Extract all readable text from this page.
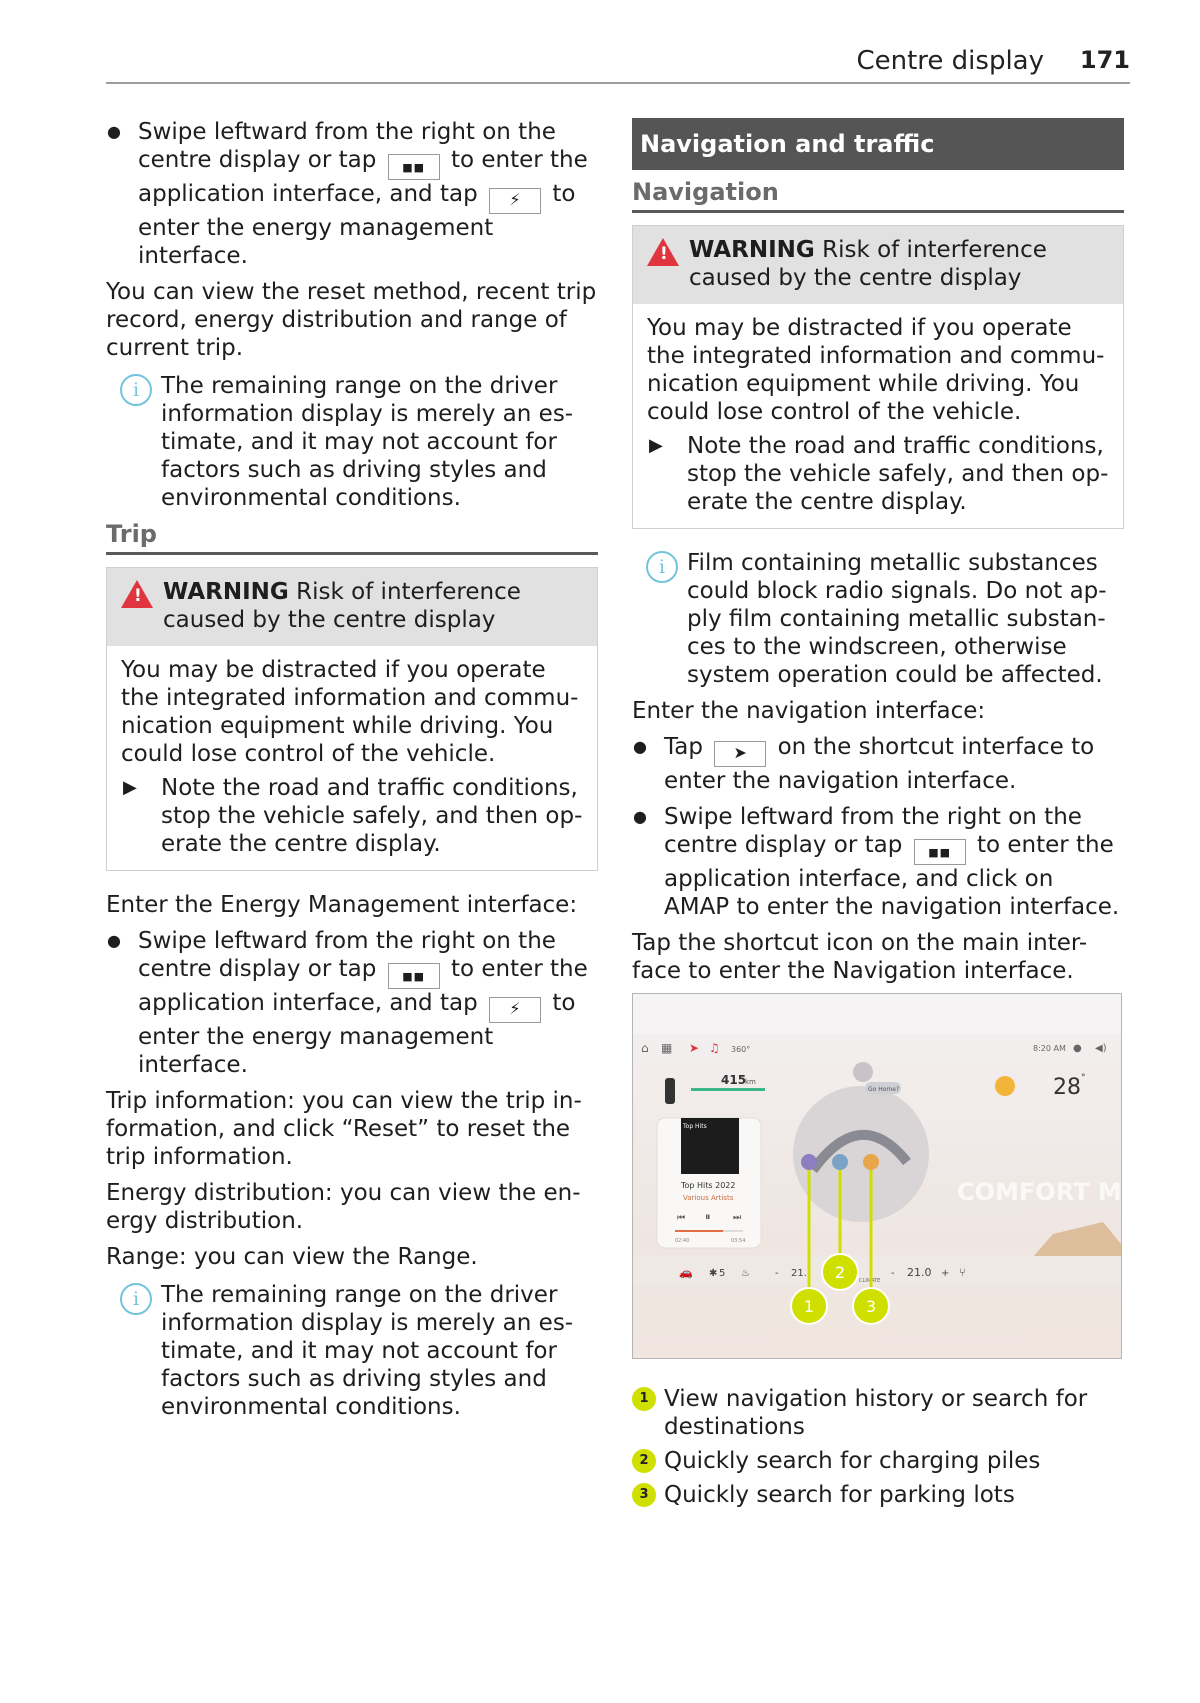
Centre display 171
● Swipe leftward from the right on the centre display or tap ■■	to enter the application interface, and tap ⚡ to enter the energy management interface.

You can view the reset method, recent trip record, energy distribution and range of current trip.

i The remaining range on the driver information display is merely an es-timate, and it may not account for factors such as driving styles and environmental conditions.
Trip
!
WARNING Risk of interference caused by the centre display
You may be distracted if you operate the integrated information and commu-nication equipment while driving. You could lose control of the vehicle.
▶ Note the road and traffic conditions, stop the vehicle safely, and then op-erate the centre display.

Enter the Energy Management interface:

● Swipe leftward from the right on the centre display or tap ■■	to enter the application interface, and tap ⚡ to enter the energy management interface.

Trip information: you can view the trip in-formation, and click “Reset” to reset the trip information.

Energy distribution: you can view the en-ergy distribution.

Range: you can view the Range.

i The remaining range on the driver information display is merely an es-timate, and it may not account for factors such as driving styles and environmental conditions.
Navigation and traffic
Navigation
!
WARNING Risk of interference caused by the centre display
You may be distracted if you operate the integrated information and commu-nication equipment while driving. You could lose control of the vehicle.
▶ Note the road and traffic conditions, stop the vehicle safely, and then op-erate the centre display.
i Film containing metallic substances could block radio signals. Do not ap-ply film containing metallic substan-ces to the windscreen, otherwise system operation could be affected.

Enter the navigation interface:

● Tap ➤ on the shortcut interface to enter the navigation interface.
● Swipe leftward from the right on the centre display or tap ■■	to enter the application interface, and click on AMAP to enter the navigation interface.

Tap the shortcut icon on the main inter-face to enter the Navigation interface.

⌂ ▦ ➤ ♫ 360°	8:20 AM ● ◀)
415
km
Top Hits
Top Hits 2022
Various Artists
⏮ ⏸	⏭
02:40	03:54
Go Home?	28 °
COMFORT MODE
🚗 ✱ 5 ♨	- 21.
CLIMATE
- 21.0 + ⑂
1
2
3
1 View navigation history or search for destinations
2 Quickly search for charging piles
3 Quickly search for parking lots
